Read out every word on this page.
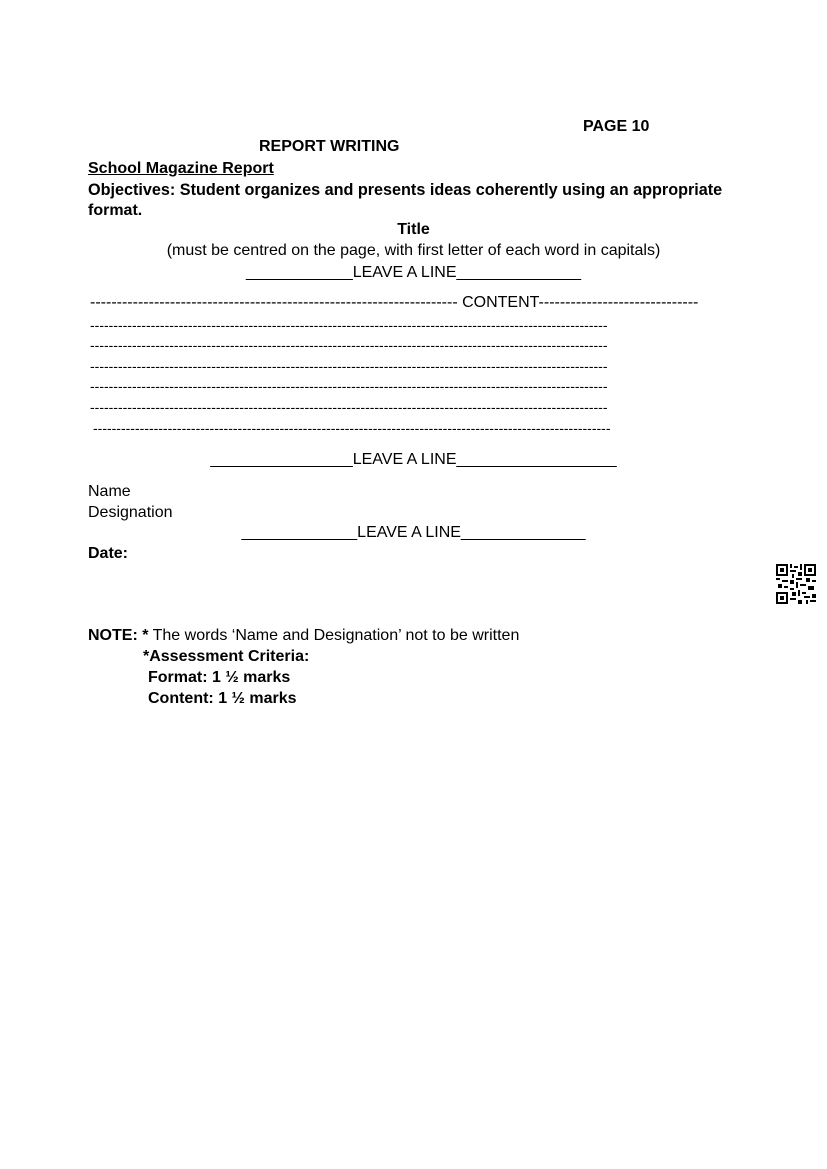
PAGE 10
REPORT WRITING
School Magazine Report
Objectives: Student organizes and presents ideas coherently using an appropriate
format.
Title
(must be centred on the page, with first letter of each word in capitals)
____________LEAVE A LINE______________
--------------------------------------------------------------------- CONTENT------------------------------
---------------------------------------------------------------------------------------------------------------
---------------------------------------------------------------------------------------------------------------
---------------------------------------------------------------------------------------------------------------
---------------------------------------------------------------------------------------------------------------
---------------------------------------------------------------------------------------------------------------
---------------------------------------------------------------------------------------------------------------
________________LEAVE A LINE__________________
Name
Designation
_____________LEAVE A LINE______________
Date:
NOTE: * The words ‘Name and Designation’ not to be written
*Assessment Criteria:
Format: 1 ½ marks
Content: 1 ½ marks
